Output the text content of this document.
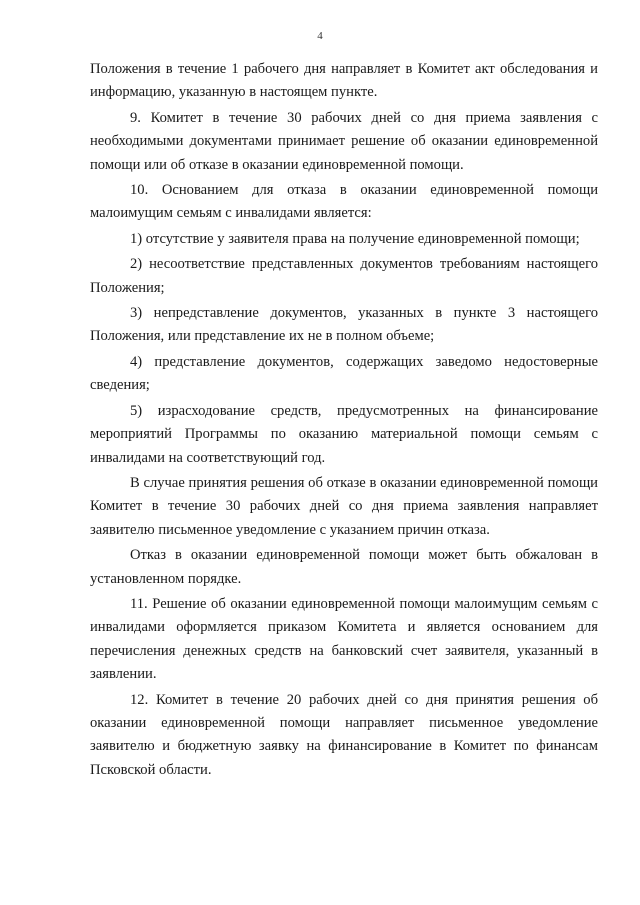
4

Положения в течение 1 рабочего дня направляет в Комитет акт обследования и информацию, указанную в настоящем пункте.

9. Комитет в течение 30 рабочих дней со дня приема заявления с необходимыми документами принимает решение об оказании единовременной помощи или об отказе в оказании единовременной помощи.

10. Основанием для отказа в оказании единовременной помощи малоимущим семьям с инвалидами является:

1) отсутствие у заявителя права на получение единовременной помощи;

2) несоответствие представленных документов требованиям настоящего Положения;

3) непредставление документов, указанных в пункте 3 настоящего Положения, или представление их не в полном объеме;

4) представление документов, содержащих заведомо недостоверные сведения;

5) израсходование средств, предусмотренных на финансирование мероприятий Программы по оказанию материальной помощи семьям с инвалидами на соответствующий год.

В случае принятия решения об отказе в оказании единовременной помощи Комитет в течение 30 рабочих дней со дня приема заявления направляет заявителю письменное уведомление с указанием причин отказа.

Отказ в оказании единовременной помощи может быть обжалован в установленном порядке.

11. Решение об оказании единовременной помощи малоимущим семьям с инвалидами оформляется приказом Комитета и является основанием для перечисления денежных средств на банковский счет заявителя, указанный в заявлении.

12. Комитет в течение 20 рабочих дней со дня принятия решения об оказании единовременной помощи направляет письменное уведомление заявителю и бюджетную заявку на финансирование в Комитет по финансам Псковской области.
